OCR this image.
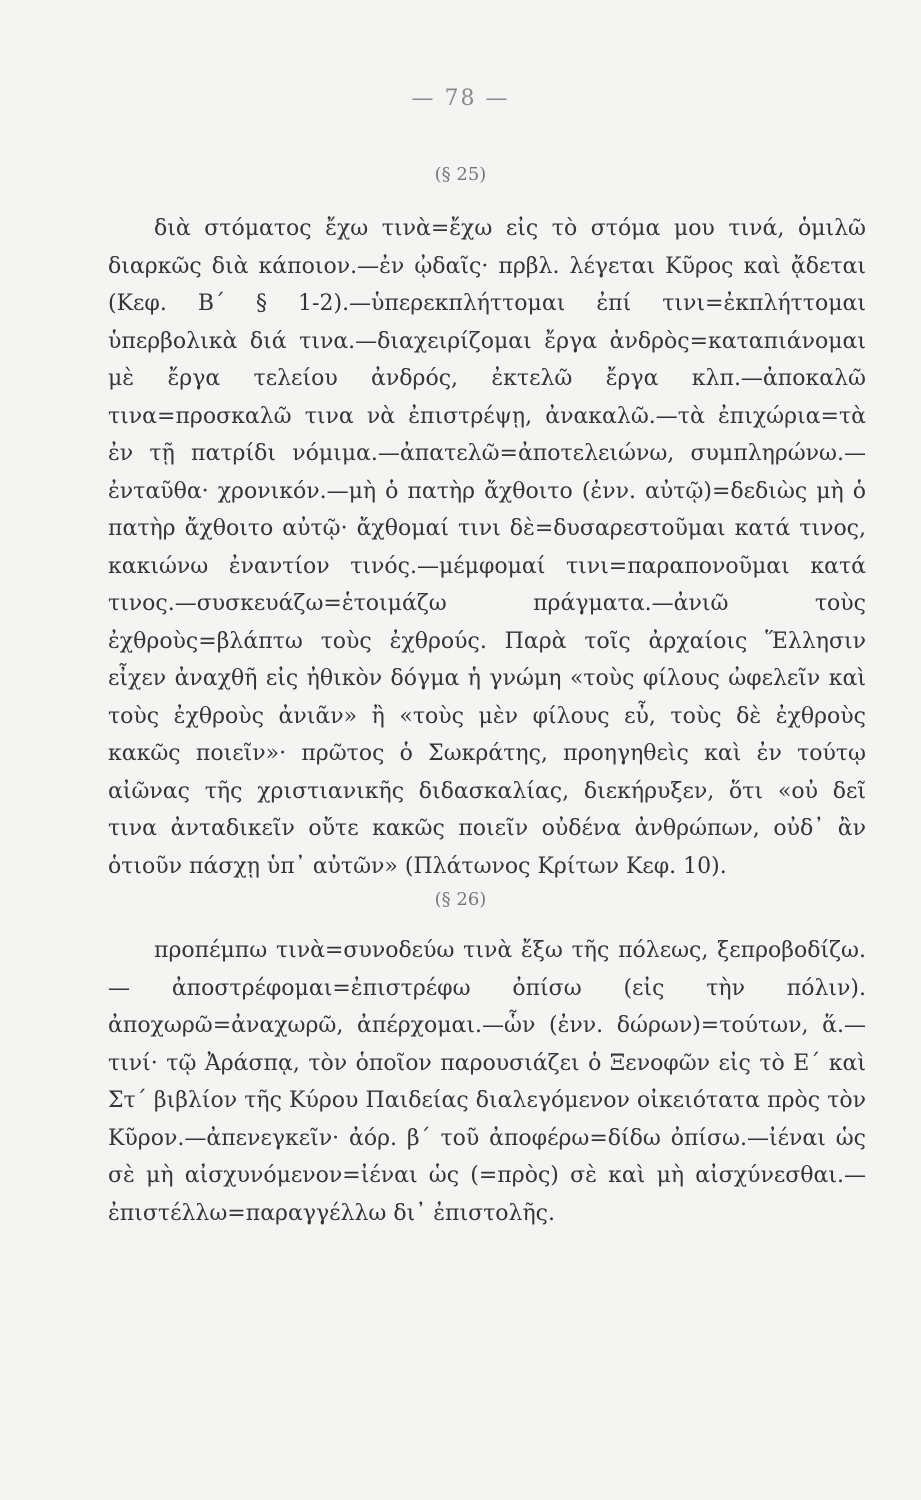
— 78 —
(§ 25)

διὰ στόματος ἔχω τινὰ=ἔχω εἰς τὸ στόμα μου τινά, ὁμιλῶ διαρκῶς διὰ κάποιον.—ἐν ᾠδαῖς· πρβλ. λέγεται Κῦρος καὶ ᾄδεται (Κεφ. Β΄ § 1-2).—ὑπερεκπλήττομαι ἐπί τινι=ἐκπλήττομαι ὑπερβολικὰ διά τινα.—διαχειρίζομαι ἔργα ἀνδρὸς=καταπιάνομαι μὲ ἔργα τελείου ἀνδρός, ἐκτελῶ ἔργα κλπ.—ἀποκαλῶ τινα=προσκαλῶ τινα νὰ ἐπιστρέψῃ, ἀνακαλῶ.—τὰ ἐπιχώρια=τὰ ἐν τῇ πατρίδι νόμιμα.—ἀπατελῶ=ἀποτελειώνω, συμπληρώνω.—ἐνταῦθα· χρονικόν.—μὴ ὁ πατὴρ ἄχθοιτο (ἐνν. αὐτῷ)=δεδιὼς μὴ ὁ πατὴρ ἄχθοιτο αὐτῷ· ἄχθομαί τινι δὲ=δυσαρεστοῦμαι κατά τινος, κακιώνω ἐναντίον τινός.—μέμφομαί τινι=παραπονοῦμαι κατά τινος.—συσκευάζω=ἑτοιμάζω πράγματα.—ἀνιῶ τοὺς ἐχθροὺς=βλάπτω τοὺς ἐχθρούς. Παρὰ τοῖς ἀρχαίοις Ἕλλησιν εἶχεν ἀναχθῆ εἰς ἠθικὸν δόγμα ἡ γνώμη «τοὺς φίλους ὠφελεῖν καὶ τοὺς ἐχθροὺς ἀνιᾶν» ἢ «τοὺς μὲν φίλους εὖ, τοὺς δὲ ἐχθροὺς κακῶς ποιεῖν»· πρῶτος ὁ Σωκράτης, προηγηθεὶς καὶ ἐν τούτῳ αἰῶνας τῆς χριστιανικῆς διδασκαλίας, διεκήρυξεν, ὅτι «οὐ δεῖ τινα ἀνταδικεῖν οὔτε κακῶς ποιεῖν οὐδένα ἀνθρώπων, οὐδ᾽ ἂν ὁτιοῦν πάσχῃ ὑπ᾽ αὐτῶν» (Πλάτωνος Κρίτων Κεφ. 10).

(§ 26)

προπέμπω τινὰ=συνοδεύω τινὰ ἔξω τῆς πόλεως, ξεπροβοδίζω.— ἀποστρέφομαι=ἐπιστρέφω ὀπίσω (εἰς τὴν πόλιν). ἀποχωρῶ=ἀναχωρῶ, ἀπέρχομαι.—ὧν (ἐνν. δώρων)=τούτων, ἅ.—τινί· τῷ Ἀράσπᾳ, τὸν ὁποῖον παρουσιάζει ὁ Ξενοφῶν εἰς τὸ Ε΄ καὶ Στ΄ βιβλίον τῆς Κύρου Παιδείας διαλεγόμενον οἰκειότατα πρὸς τὸν Κῦρον.—ἀπενεγκεῖν· ἀόρ. β΄ τοῦ ἀποφέρω=δίδω ὀπίσω.—ἰέναι ὡς σὲ μὴ αἰσχυνόμενον=ἰέναι ὡς (=πρὸς) σὲ καὶ μὴ αἰσχύνεσθαι.—ἐπιστέλλω=παραγγέλλω δι᾽ ἐπιστολῆς.
